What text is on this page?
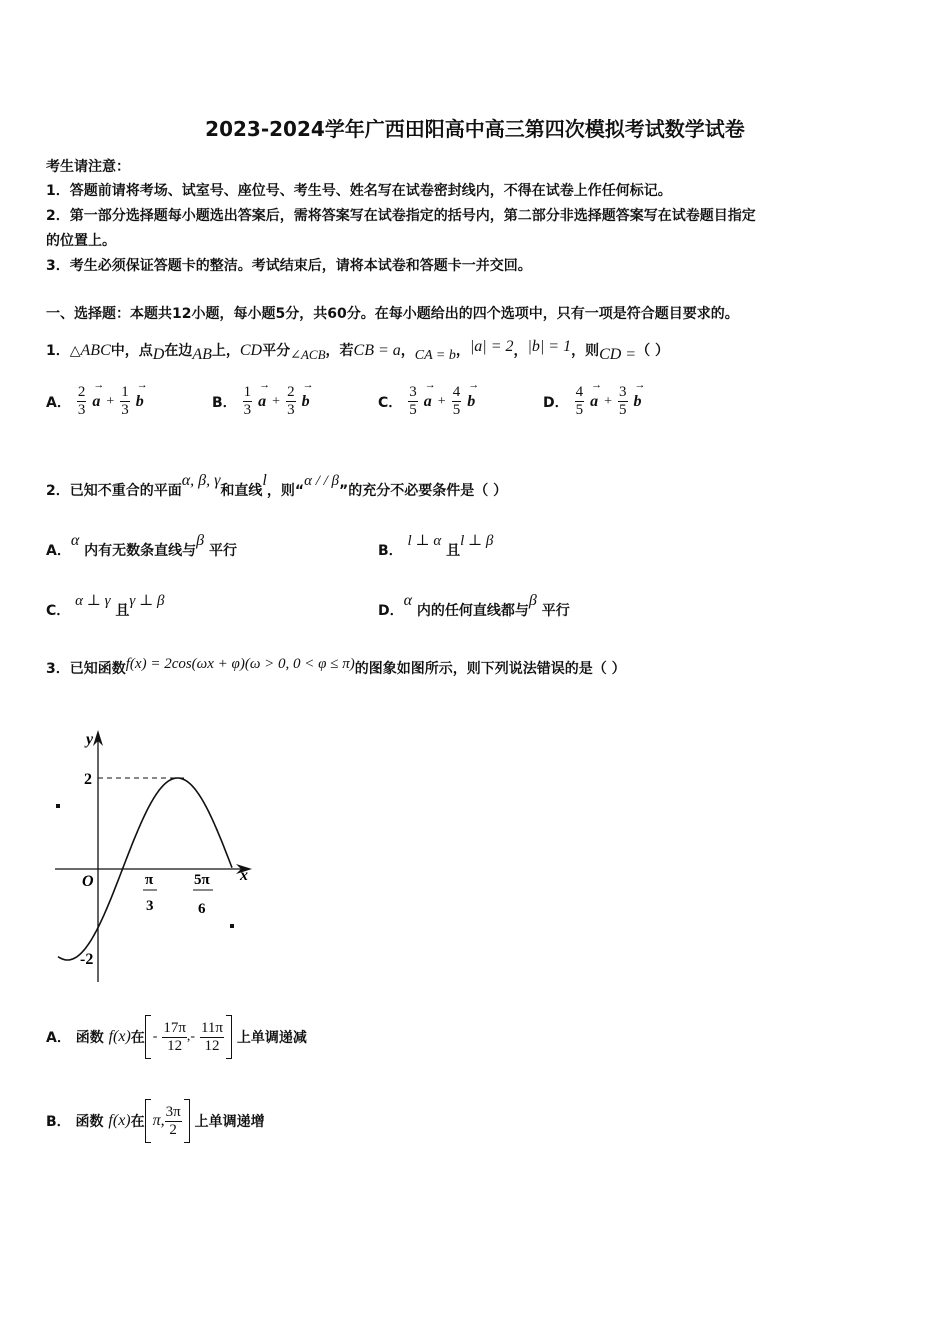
2023-2024学年广西田阳高中高三第四次模拟考试数学试卷
考生请注意：
1．答题前请将考场、试室号、座位号、考生号、姓名写在试卷密封线内，不得在试卷上作任何标记。
2．第一部分选择题每小题选出答案后，需将答案写在试卷指定的括号内，第二部分非选择题答案写在试卷题目指定
的位置上。
3．考生必须保证答题卡的整洁。考试结束后，请将本试卷和答题卡一并交回。
一、选择题：本题共12小题，每小题5分，共60分。在每小题给出的四个选项中，只有一项是符合题目要求的。
1．△ABC中，点D在边AB上，CD平分∠ACB，若CB = a，CA = b，|a| = 2，|b| = 1，则CD =（ ）
A． $\frac{2}{3}$
→ $a + \frac{1}{3}$
→ b	B． $\frac{1}{3}$
→ $a + \frac{2}{3}$
→ b	C． $\frac{3}{5}$
→ $a + \frac{4}{5}$
→ b	D． $\frac{4}{5}$
→ $a + \frac{3}{5}$
→ b
2．已知不重合的平面α, β, γ和直线l，则“α / / β”的充分不必要条件是（ ）
A．α 内有无数条直线与β 平行	B． l ⊥ α 且l ⊥ β
C． α ⊥ γ 且γ ⊥ β
D．α 内的任何直线都与β 平行
3．已知函数f(x) = 2cos(ωx + φ)(ω > 0, 0 < φ ≤ π)的图象如图所示，则下列说法错误的是（ ）
y
x
O
2
-2
π
3
5π
6
A．
函数
f(x) 在 -
$\frac{17\pi}{12}$ , -
$\frac{11\pi}{12}$
上单调递减
B．
函数
f(x) 在 π, $\frac{3\pi}{2}$
上单调递增
